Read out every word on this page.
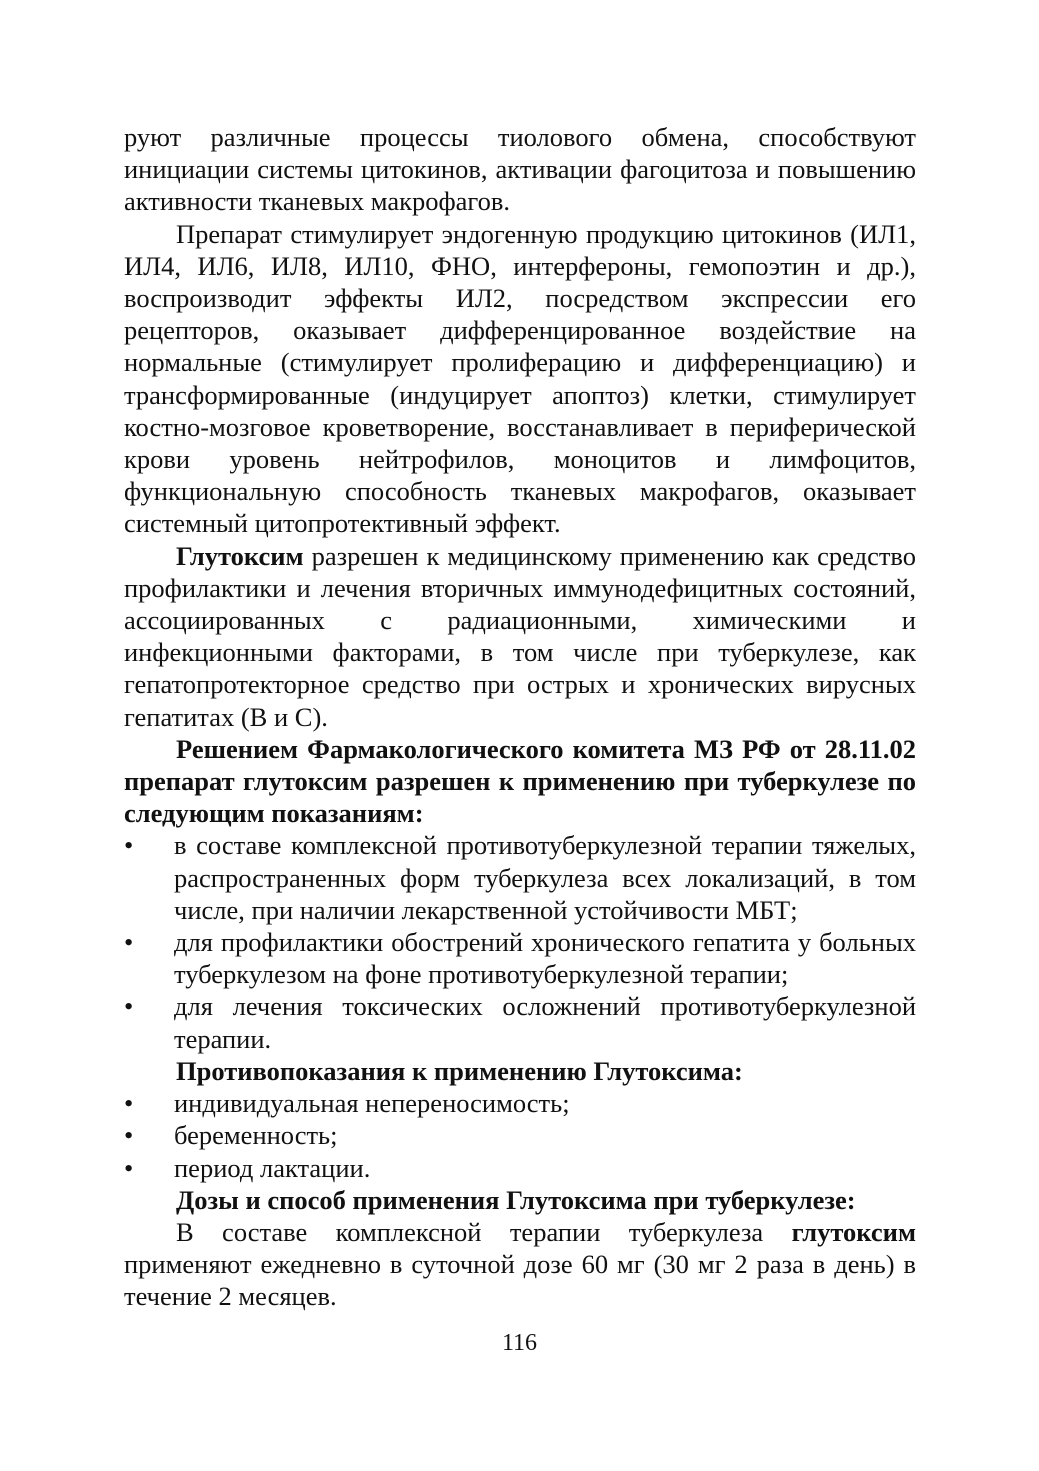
руют различные процессы тиолового обмена, способствуют инициации системы цитокинов, активации фагоцитоза и повышению активности тканевых макрофагов.

Препарат стимулирует эндогенную продукцию цитокинов (ИЛ1, ИЛ4, ИЛ6, ИЛ8, ИЛ10, ФНО, интерфероны, гемопоэтин и др.), воспроизводит эффекты ИЛ2, посредством экспрессии его рецепторов, оказывает дифференцированное воздействие на нормальные (стимулирует пролиферацию и дифференциацию) и трансформированные (индуцирует апоптоз) клетки, стимулирует костно-мозговое кроветворение, восстанавливает в периферической крови уровень нейтрофилов, моноцитов и лимфоцитов, функциональную способность тканевых макрофагов, оказывает системный цитопротективный эффект.

Глутоксим разрешен к медицинскому применению как средство профилактики и лечения вторичных иммунодефицитных состояний, ассоциированных с радиационными, химическими и инфекционными факторами, в том числе при туберкулезе, как гепатопротекторное средство при острых и хронических вирусных гепатитах (В и С).

Решением Фармакологического комитета МЗ РФ от 28.11.02 препарат глутоксим разрешен к применению при туберкулезе по следующим показаниям:

• в составе комплексной противотуберкулезной терапии тяжелых, распространенных форм туберкулеза всех локализаций, в том числе, при наличии лекарственной устойчивости МБТ;
• для профилактики обострений хронического гепатита у больных туберкулезом на фоне противотуберкулезной терапии;
• для лечения токсических осложнений противотуберкулезной терапии.

Противопоказания к применению Глутоксима:

• индивидуальная непереносимость;
• беременность;
• период лактации.

Дозы и способ применения Глутоксима при туберкулезе:

В составе комплексной терапии туберкулеза глутоксим применяют ежедневно в суточной дозе 60 мг (30 мг 2 раза в день) в течение 2 месяцев.

116
